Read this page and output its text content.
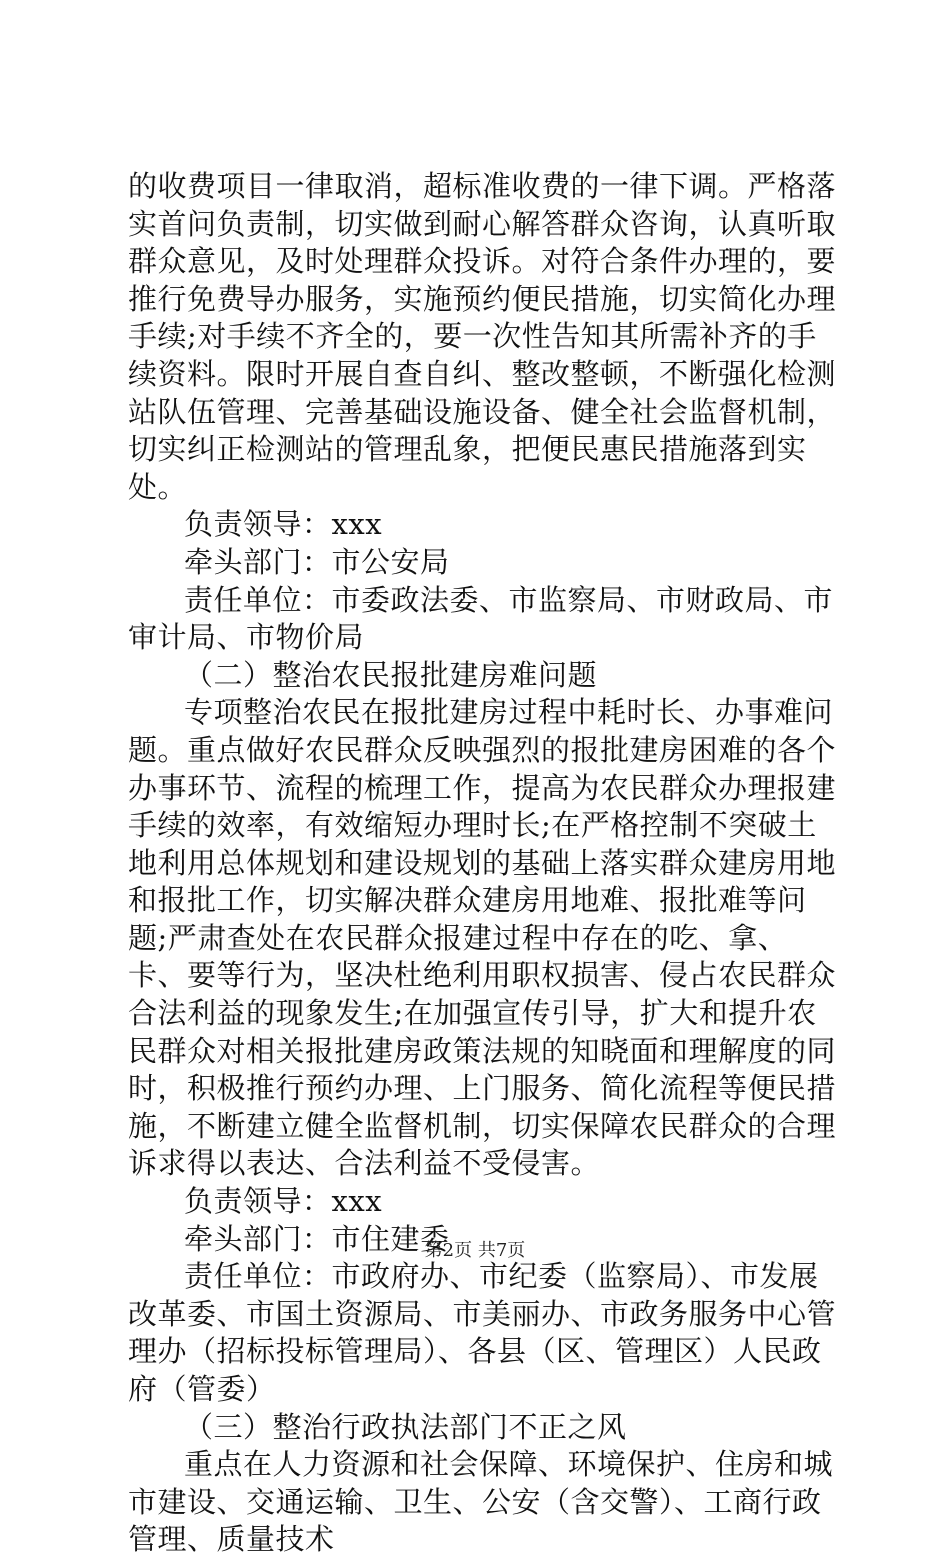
的收费项目一律取消，超标准收费的一律下调。严格落实首问负责制，切实做到耐心解答群众咨询，认真听取群众意见，及时处理群众投诉。对符合条件办理的，要推行免费导办服务，实施预约便民措施，切实简化办理手续;对手续不齐全的，要一次性告知其所需补齐的手续资料。限时开展自查自纠、整改整顿，不断强化检测站队伍管理、完善基础设施设备、健全社会监督机制，切实纠正检测站的管理乱象，把便民惠民措施落到实处。

负责领导：xxx

牵头部门：市公安局

责任单位：市委政法委、市监察局、市财政局、市审计局、市物价局

（二）整治农民报批建房难问题

专项整治农民在报批建房过程中耗时长、办事难问题。重点做好农民群众反映强烈的报批建房困难的各个办事环节、流程的梳理工作，提高为农民群众办理报建手续的效率，有效缩短办理时长;在严格控制不突破土地利用总体规划和建设规划的基础上落实群众建房用地和报批工作，切实解决群众建房用地难、报批难等问题;严肃查处在农民群众报建过程中存在的吃、拿、卡、要等行为，坚决杜绝利用职权损害、侵占农民群众合法利益的现象发生;在加强宣传引导，扩大和提升农民群众对相关报批建房政策法规的知晓面和理解度的同时，积极推行预约办理、上门服务、简化流程等便民措施，不断建立健全监督机制，切实保障农民群众的合理诉求得以表达、合法利益不受侵害。

负责领导：xxx

牵头部门：市住建委

责任单位：市政府办、市纪委（监察局）、市发展改革委、市国土资源局、市美丽办、市政务服务中心管理办（招标投标管理局）、各县（区、管理区）人民政府（管委）

（三）整治行政执法部门不正之风

重点在人力资源和社会保障、环境保护、住房和城市建设、交通运输、卫生、公安（含交警）、工商行政管理、质量技术

第2页 共7页
